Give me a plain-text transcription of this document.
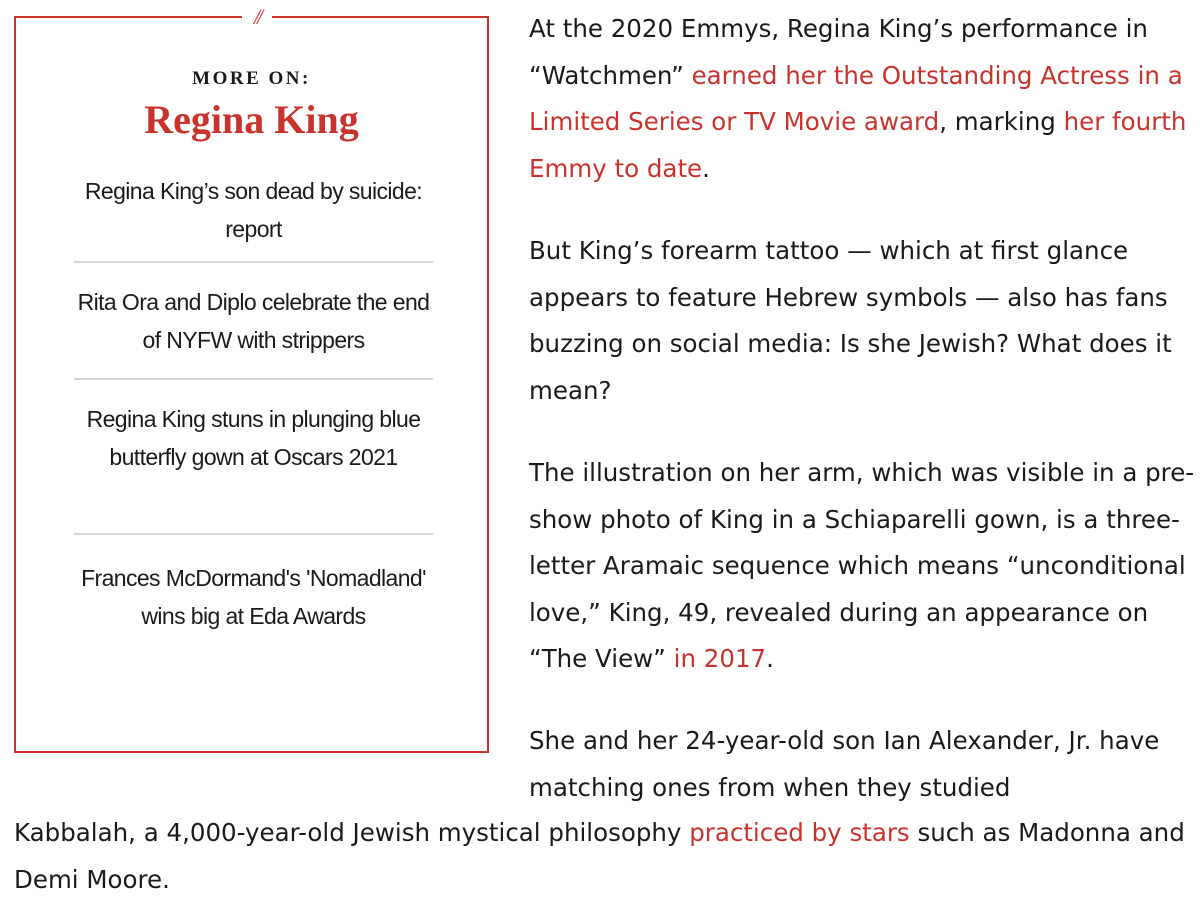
//
MORE ON:
Regina King
Regina King’s son dead by suicide: report
Rita Ora and Diplo celebrate the end of NYFW with strippers
Regina King stuns in plunging blue butterfly gown at Oscars 2021
Frances McDormand's 'Nomadland' wins big at Eda Awards

At the 2020 Emmys, Regina King’s performance in “Watchmen” earned her the Outstanding Actress in a Limited Series or TV Movie award, marking her fourth Emmy to date.

But King’s forearm tattoo — which at first glance appears to feature Hebrew symbols — also has fans buzzing on social media: Is she Jewish? What does it mean?

The illustration on her arm, which was visible in a pre-show photo of King in a Schiaparelli gown, is a three-letter Aramaic sequence which means “unconditional love,” King, 49, revealed during an appearance on “The View” in 2017.

She and her 24-year-old son Ian Alexander, Jr. have matching ones from when they studied

Kabbalah, a 4,000-year-old Jewish mystical philosophy practiced by stars such as Madonna and Demi Moore.
